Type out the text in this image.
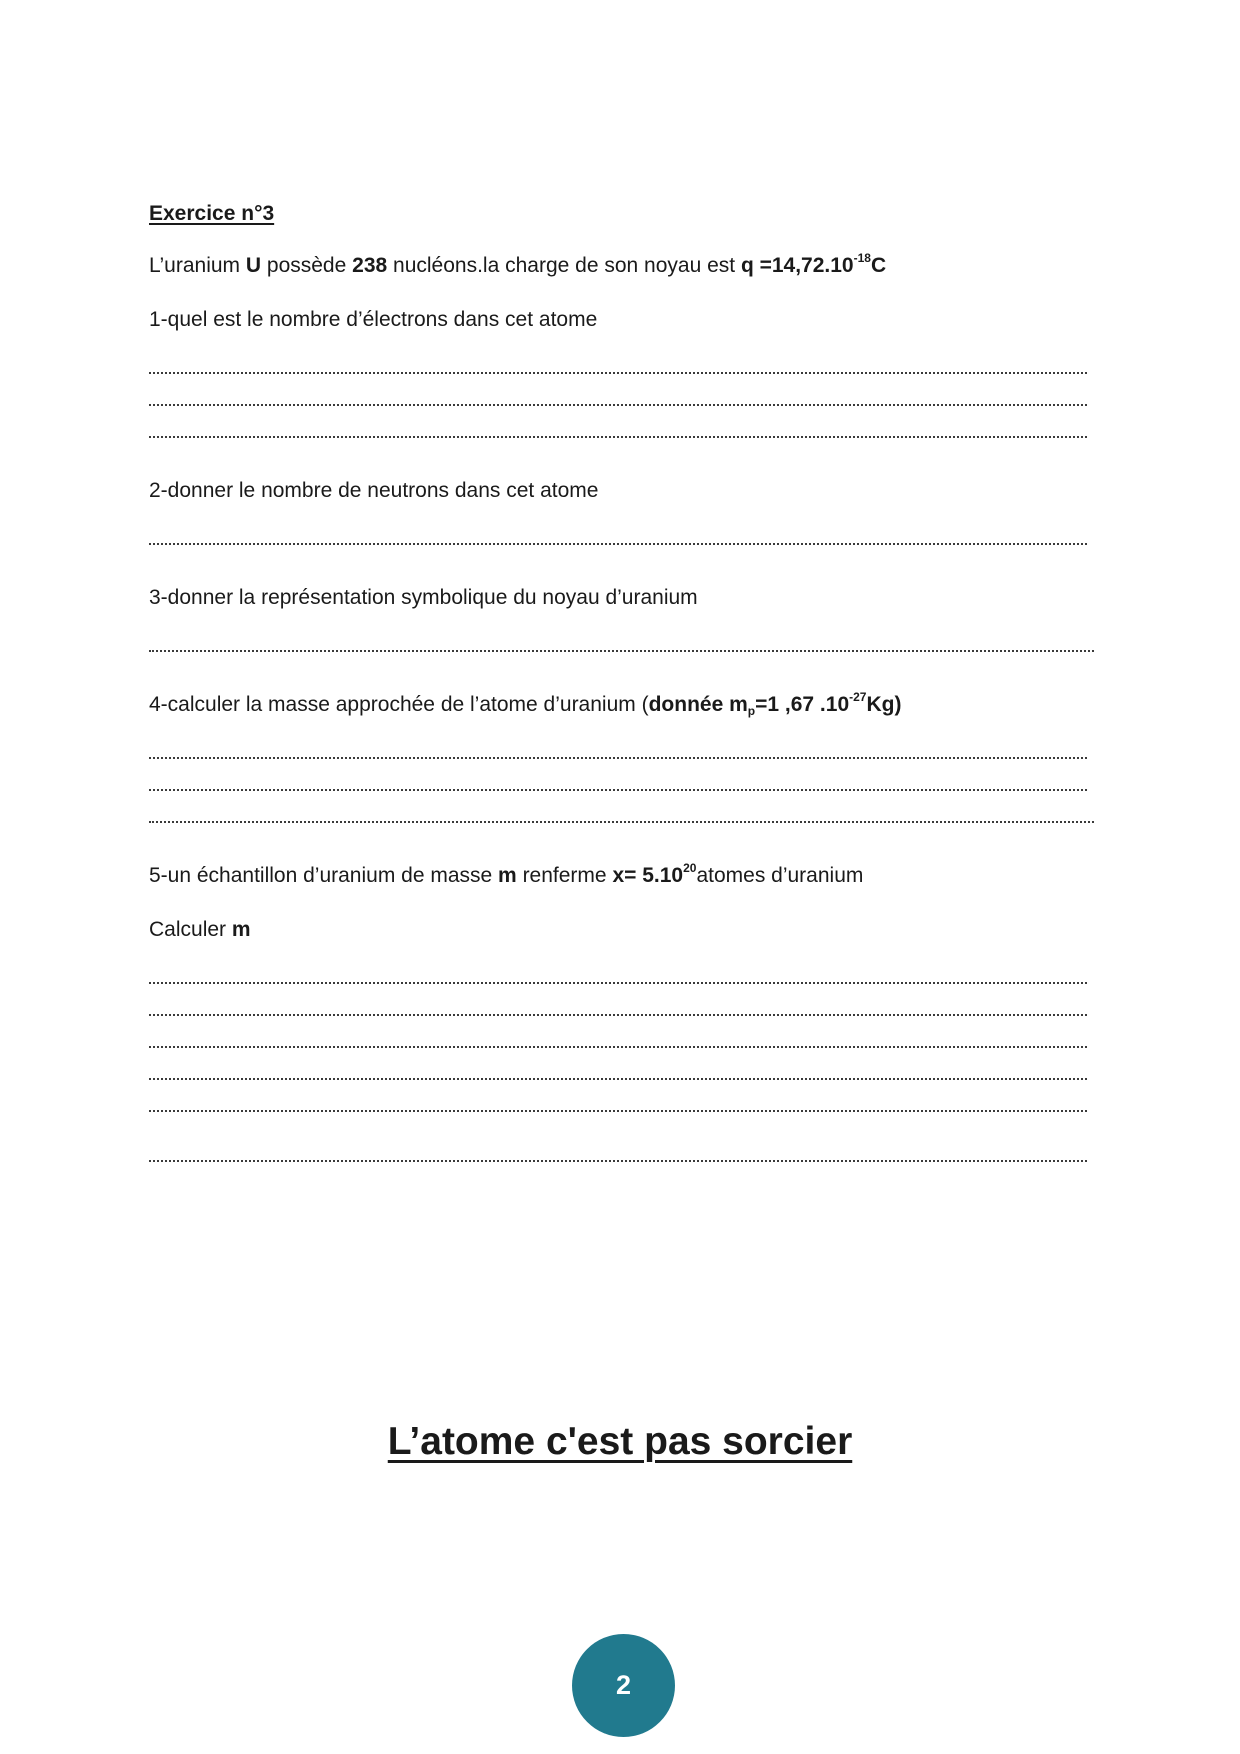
Exercice n°3

L’uranium U possède 238 nucléons.la charge de son noyau est $q =14,72.10^{-18}C$

1-quel est le nombre d’électrons dans cet atome

2-donner le nombre de neutrons dans cet atome

3-donner la représentation symbolique du noyau d’uranium

4-calculer la masse approchée de l’atome d’uranium (donnée $m_p=1$ ,67 $.10^{-27}Kg$)

5-un échantillon d’uranium de masse m renferme $x= 5.10^{20}atomes$ d’uranium

Calculer m

L’atome c'est pas sorcier

2
